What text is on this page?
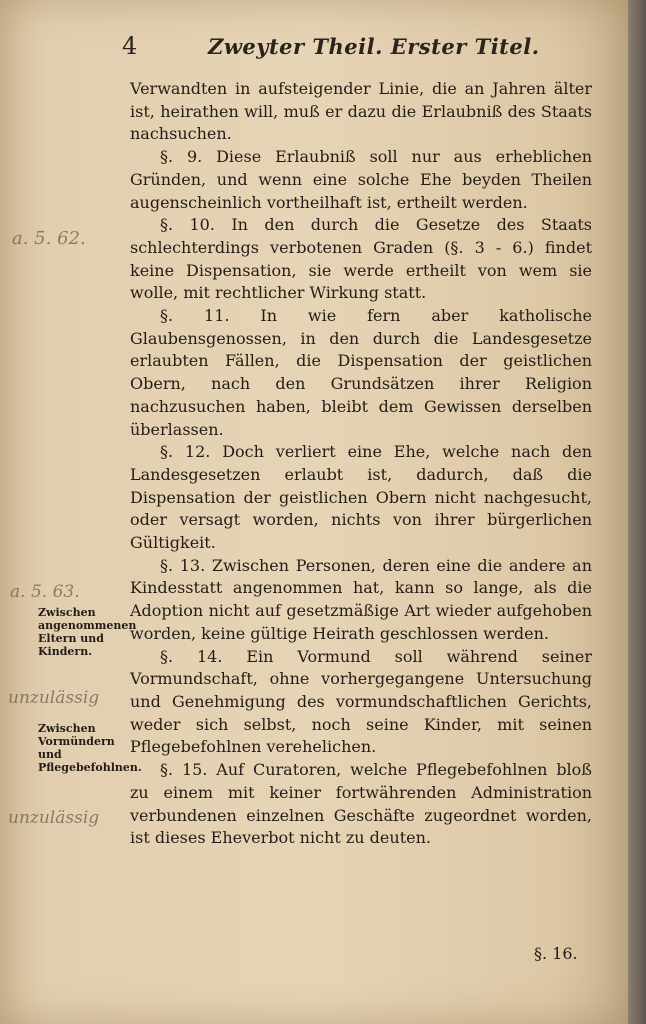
4	Zweyter Theil. Erster Titel.

Verwandten in aufsteigender Linie, die an Jahren älter ist, heirathen will, muß er dazu die Erlaubniß des Staats nachsuchen.

§. 9. Diese Erlaubniß soll nur aus erheblichen Gründen, und wenn eine solche Ehe beyden Theilen augenscheinlich vortheilhaft ist, ertheilt werden.

§. 10. In den durch die Gesetze des Staats schlechterdings verbotenen Graden (§. 3 - 6.) findet keine Dispensation, sie werde ertheilt von wem sie wolle, mit rechtlicher Wirkung statt.

§. 11. In wie fern aber katholische Glaubensgenossen, in den durch die Landesgesetze erlaubten Fällen, die Dispensation der geistlichen Obern, nach den Grundsätzen ihrer Religion nachzusuchen haben, bleibt dem Gewissen derselben überlassen.

§. 12. Doch verliert eine Ehe, welche nach den Landesgesetzen erlaubt ist, dadurch, daß die Dispensation der geistlichen Obern nicht nachgesucht, oder versagt worden, nichts von ihrer bürgerlichen Gültigkeit.

§. 13. Zwischen Personen, deren eine die andere an Kindesstatt angenommen hat, kann so lange, als die Adoption nicht auf gesetzmäßige Art wieder aufgehoben worden, keine gültige Heirath geschlossen werden.

§. 14. Ein Vormund soll während seiner Vormundschaft, ohne vorhergegangene Untersuchung und Genehmigung des vormundschaftlichen Gerichts, weder sich selbst, noch seine Kinder, mit seinen Pflegebefohlnen verehelichen.

§. 15. Auf Curatoren, welche Pflegebefohlnen bloß zu einem mit keiner fortwährenden Administration verbundenen einzelnen Geschäfte zugeordnet worden, ist dieses Eheverbot nicht zu deuten.

Zwischen angenommenen Eltern und Kindern.
Zwischen Vormündern und Pflegebefohlnen.
a. 5. 62.
a. 5. 63.
unzulässig
unzulässig
§. 16.
